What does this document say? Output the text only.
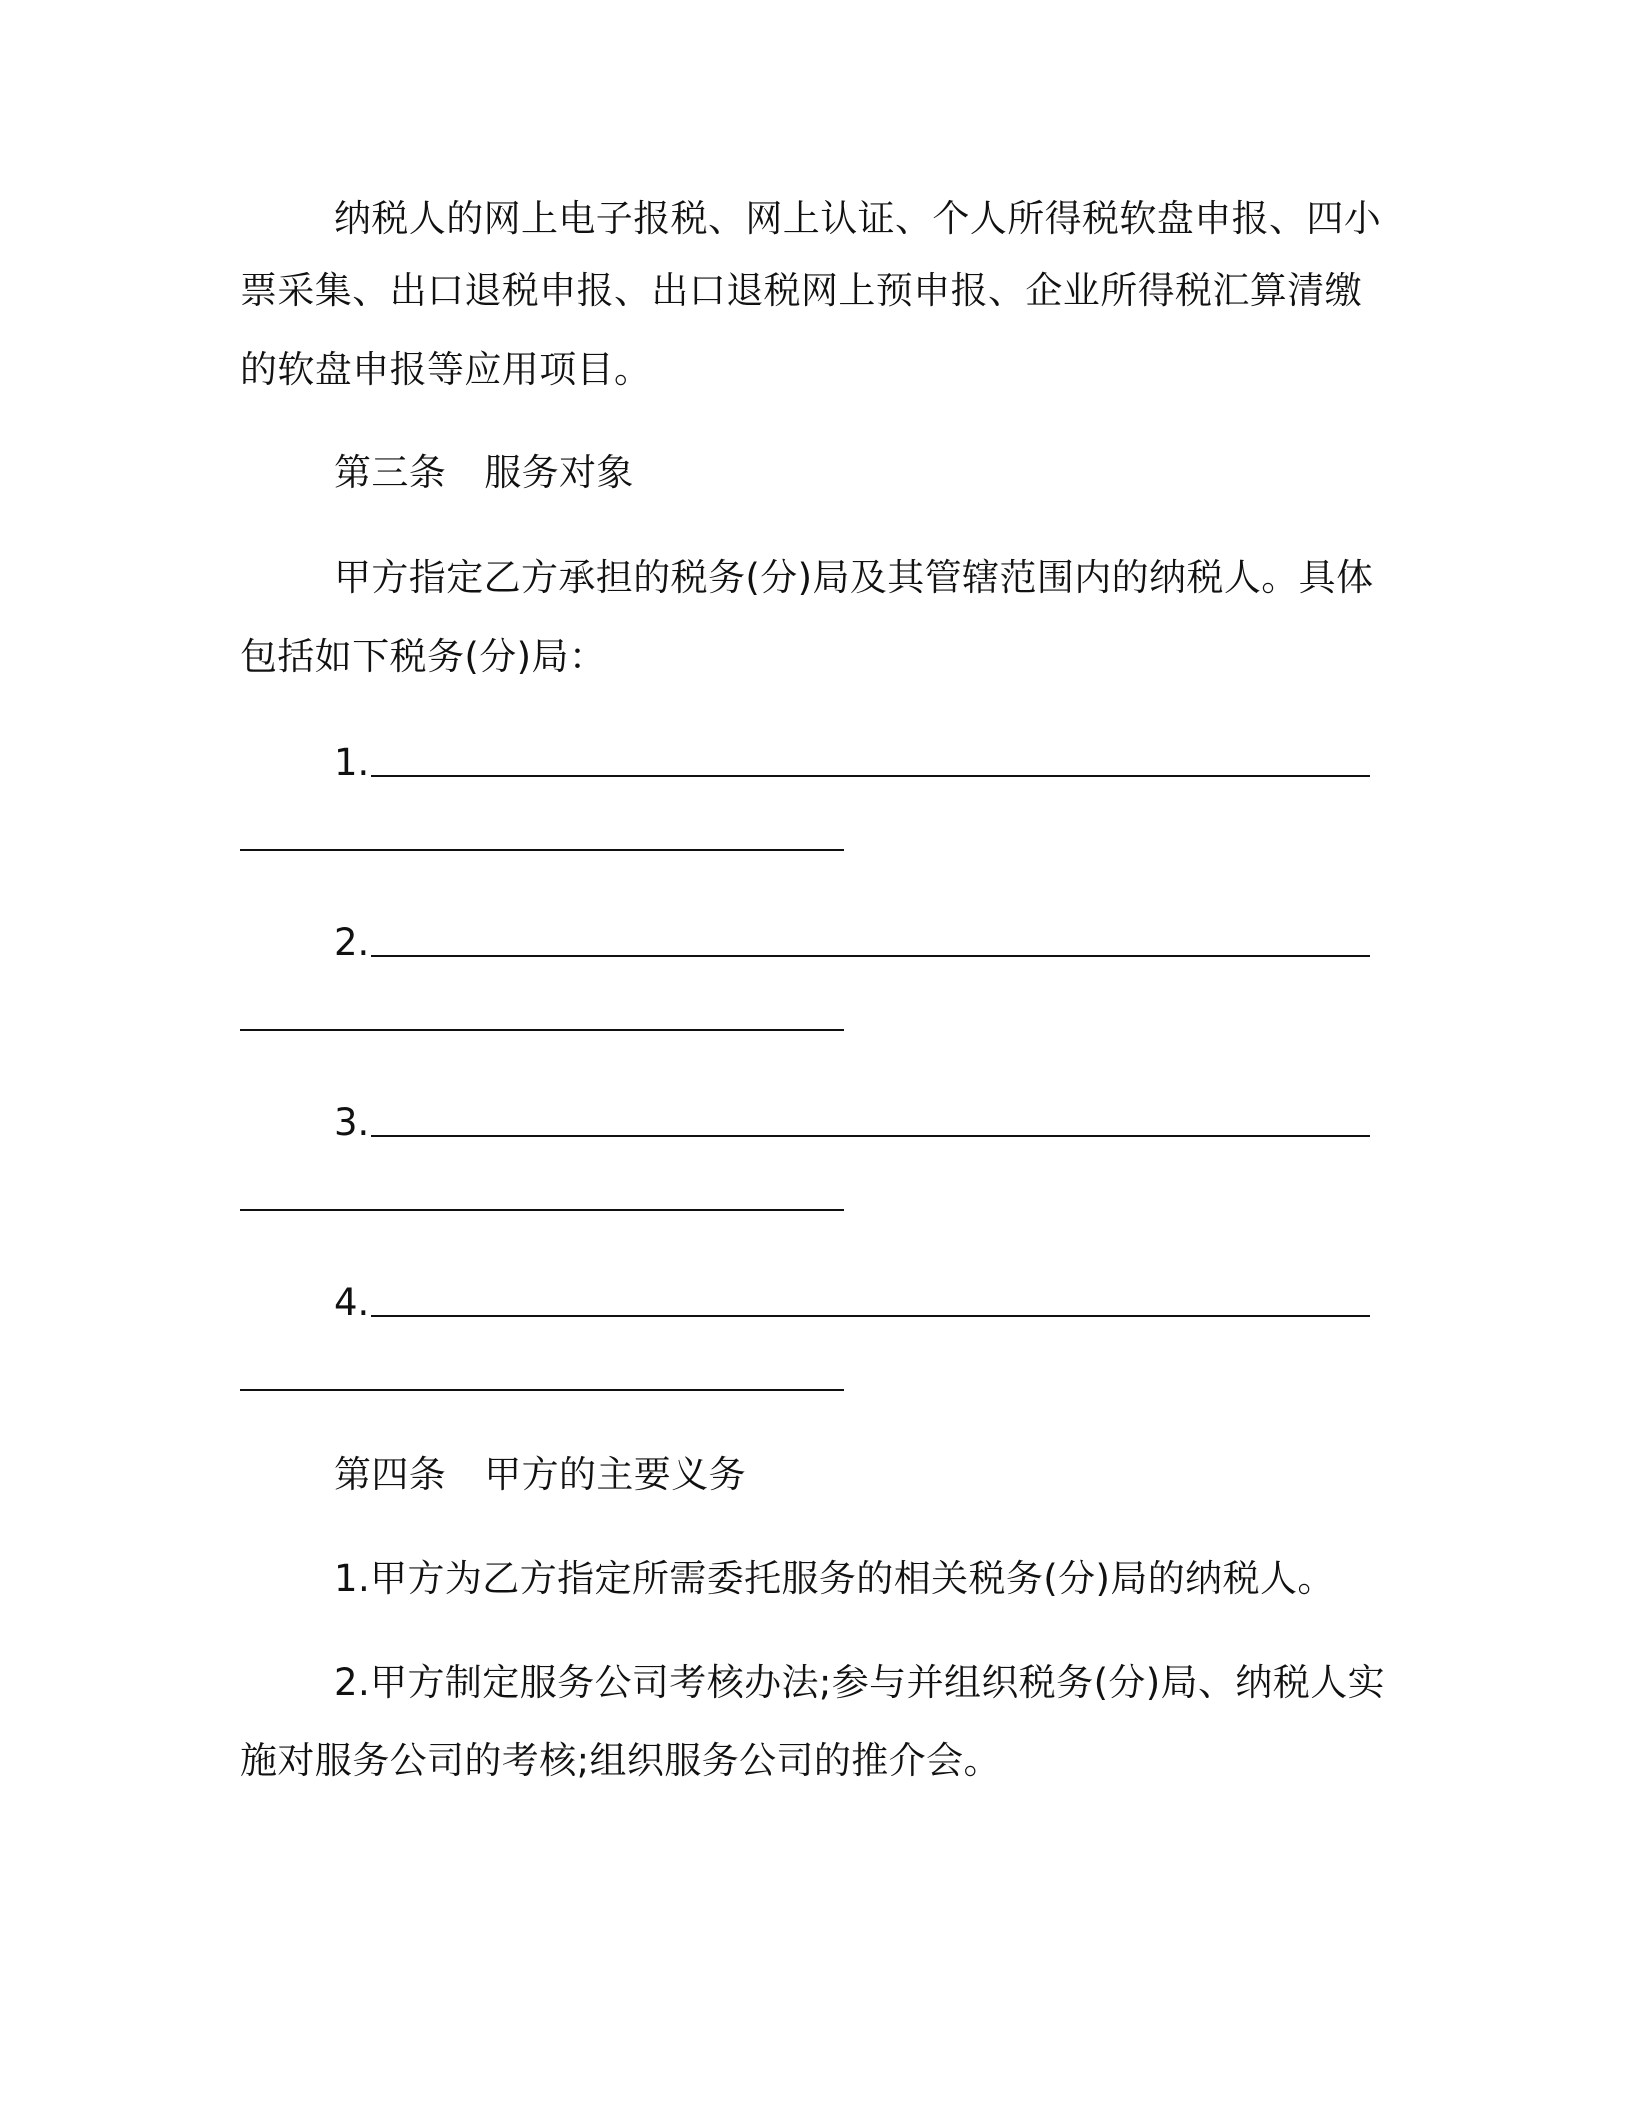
纳税人的网上电子报税、网上认证、个人所得税软盘申报、四小
票采集、出口退税申报、出口退税网上预申报、企业所得税汇算清缴
的软盘申报等应用项目。
第三条 服务对象
甲方指定乙方承担的税务(分)局及其管辖范围内的纳税人。具体
包括如下税务(分)局：
1.
2.
3.
4.
第四条 甲方的主要义务
1.甲方为乙方指定所需委托服务的相关税务(分)局的纳税人。
2.甲方制定服务公司考核办法;参与并组织税务(分)局、纳税人实
施对服务公司的考核;组织服务公司的推介会。
